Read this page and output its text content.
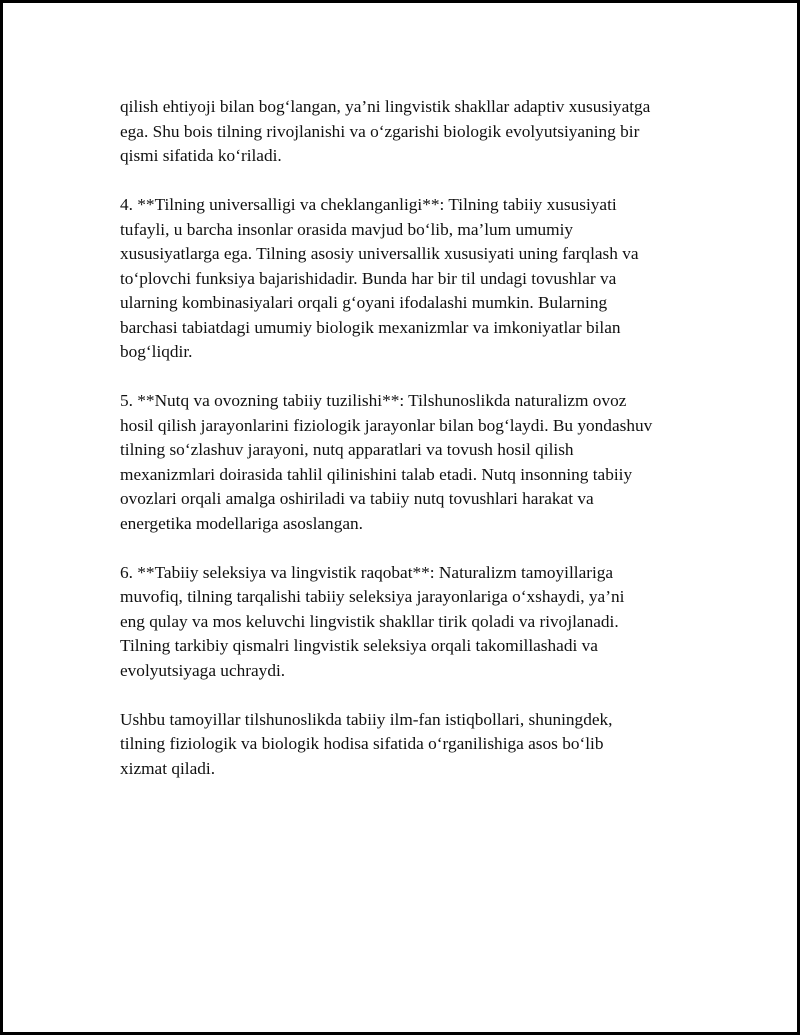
qilish ehtiyoji bilan bog‘langan, ya’ni lingvistik shakllar adaptiv xususiyatga
ega. Shu bois tilning rivojlanishi va o‘zgarishi biologik evolyutsiyaning bir
qismi sifatida ko‘riladi.

4. **Tilning universalligi va cheklanganligi**: Tilning tabiiy xususiyati
tufayli, u barcha insonlar orasida mavjud bo‘lib, ma’lum umumiy
xususiyatlarga ega. Tilning asosiy universallik xususiyati uning farqlash va
to‘plovchi funksiya bajarishidadir. Bunda har bir til undagi tovushlar va
ularning kombinasiyalari orqali g‘oyani ifodalashi mumkin. Bularning
barchasi tabiatdagi umumiy biologik mexanizmlar va imkoniyatlar bilan
bog‘liqdir.

5. **Nutq va ovozning tabiiy tuzilishi**: Tilshunoslikda naturalizm ovoz
hosil qilish jarayonlarini fiziologik jarayonlar bilan bog‘laydi. Bu yondashuv
tilning so‘zlashuv jarayoni, nutq apparatlari va tovush hosil qilish
mexanizmlari doirasida tahlil qilinishini talab etadi. Nutq insonning tabiiy
ovozlari orqali amalga oshiriladi va tabiiy nutq tovushlari harakat va
energetika modellariga asoslangan.

6. **Tabiiy seleksiya va lingvistik raqobat**: Naturalizm tamoyillariga
muvofiq, tilning tarqalishi tabiiy seleksiya jarayonlariga o‘xshaydi, ya’ni
eng qulay va mos keluvchi lingvistik shakllar tirik qoladi va rivojlanadi.
Tilning tarkibiy qismalri lingvistik seleksiya orqali takomillashadi va
evolyutsiyaga uchraydi.

Ushbu tamoyillar tilshunoslikda tabiiy ilm-fan istiqbollari, shuningdek,
tilning fiziologik va biologik hodisa sifatida o‘rganilishiga asos bo‘lib
xizmat qiladi.
